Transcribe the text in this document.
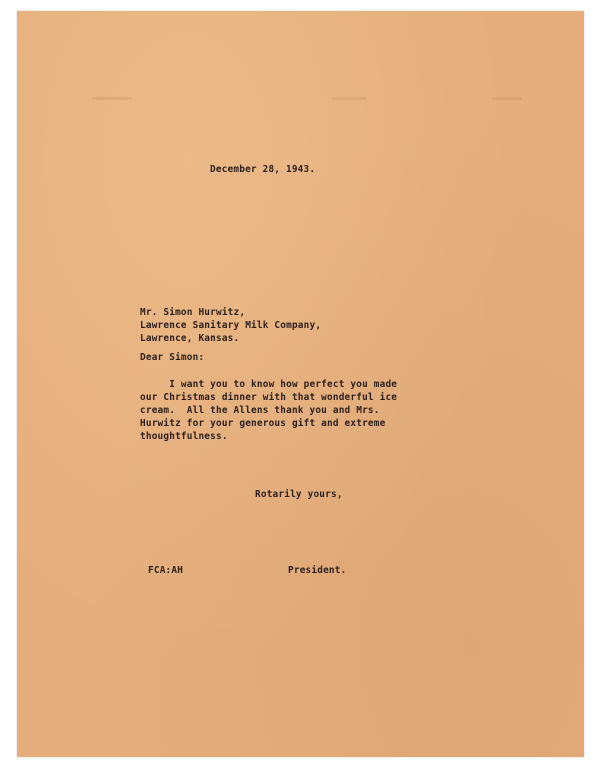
December 28, 1943.

Mr. Simon Hurwitz,
Lawrence Sanitary Milk Company,
Lawrence, Kansas.

Dear Simon:

I want you to know how perfect you made
our Christmas dinner with that wonderful ice
cream.  All the Allens thank you and Mrs.
Hurwitz for your generous gift and extreme
thoughtfulness.

Rotarily yours,

FCA:AH	President.
